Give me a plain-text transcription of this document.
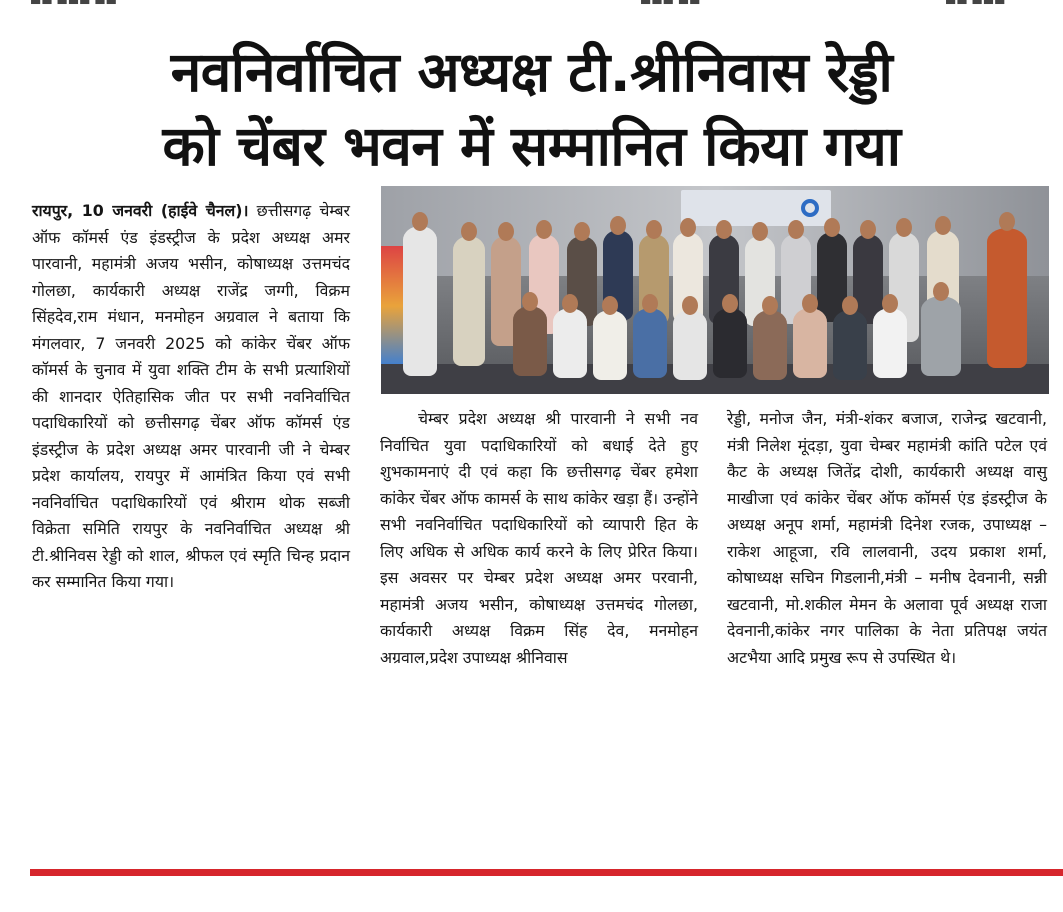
▬▬ ▬▬▬ ▬▬	▬▬▬ ▬▬	▬▬ ▬▬▬
नवनिर्वाचित अध्यक्ष टी.श्रीनिवास रेड्डी
को चेंबर भवन में सम्मानित किया गया
रायपुर, 10 जनवरी (हाईवे चैनल)। छत्तीसगढ़ चेम्बर ऑफ कॉमर्स एंड इंडस्ट्रीज के प्रदेश अध्यक्ष अमर पारवानी, महामंत्री अजय भसीन, कोषाध्यक्ष उत्तमचंद गोलछा, कार्यकारी अध्यक्ष राजेंद्र जग्गी, विक्रम सिंहदेव,राम मंधान, मनमोहन अग्रवाल ने बताया कि मंगलवार, 7 जनवरी 2025 को कांकेर चेंबर ऑफ कॉमर्स के चुनाव में युवा शक्ति टीम के सभी प्रत्याशियों की शानदार ऐतिहासिक जीत पर सभी नवनिर्वाचित पदाधिकारियों को छत्तीसगढ़ चेंबर ऑफ कॉमर्स एंड इंडस्ट्रीज के प्रदेश अध्यक्ष अमर पारवानी जी ने चेम्बर प्रदेश कार्यालय, रायपुर में आमंत्रित किया एवं सभी नवनिर्वाचित पदाधिकारियों एवं श्रीराम थोक सब्जी विक्रेता समिति रायपुर के नवनिर्वाचित अध्यक्ष श्री टी.श्रीनिवस रेड्डी को शाल, श्रीफल एवं स्मृति चिन्ह प्रदान कर सम्मानित किया गया।
चेम्बर प्रदेश अध्यक्ष श्री पारवानी ने सभी नव निर्वाचित युवा पदाधिकारियों को बधाई देते हुए शुभकामनाएं दी एवं कहा कि छत्तीसगढ़ चेंबर हमेशा कांकेर चेंबर ऑफ कामर्स के साथ कांकेर खड़ा हैं। उन्होंने सभी नवनिर्वाचित पदाधिकारियों को व्यापारी हित के लिए अधिक से अधिक कार्य करने के लिए प्रेरित किया। इस अवसर पर चेम्बर प्रदेश अध्यक्ष अमर परवानी, महामंत्री अजय भसीन, कोषाध्यक्ष उत्तमचंद गोलछा, कार्यकारी अध्यक्ष विक्रम सिंह देव, मनमोहन अग्रवाल,प्रदेश उपाध्यक्ष श्रीनिवास
रेड्डी, मनोज जैन, मंत्री-शंकर बजाज, राजेन्द्र खटवानी, मंत्री निलेश मूंदड़ा, युवा चेम्बर महामंत्री कांति पटेल एवं कैट के अध्यक्ष जितेंद्र दोशी, कार्यकारी अध्यक्ष वासु माखीजा एवं कांकेर चेंबर ऑफ कॉमर्स एंड इंडस्ट्रीज के अध्यक्ष अनूप शर्मा, महामंत्री दिनेश रजक, उपाध्यक्ष –राकेश आहूजा, रवि लालवानी, उदय प्रकाश शर्मा, कोषाध्यक्ष सचिन गिडलानी,मंत्री – मनीष देवनानी, सन्नी खटवानी, मो.शकील मेमन के अलावा पूर्व अध्यक्ष राजा देवनानी,कांकेर नगर पालिका के नेता प्रतिपक्ष जयंत अटभैया आदि प्रमुख रूप से उपस्थित थे।
